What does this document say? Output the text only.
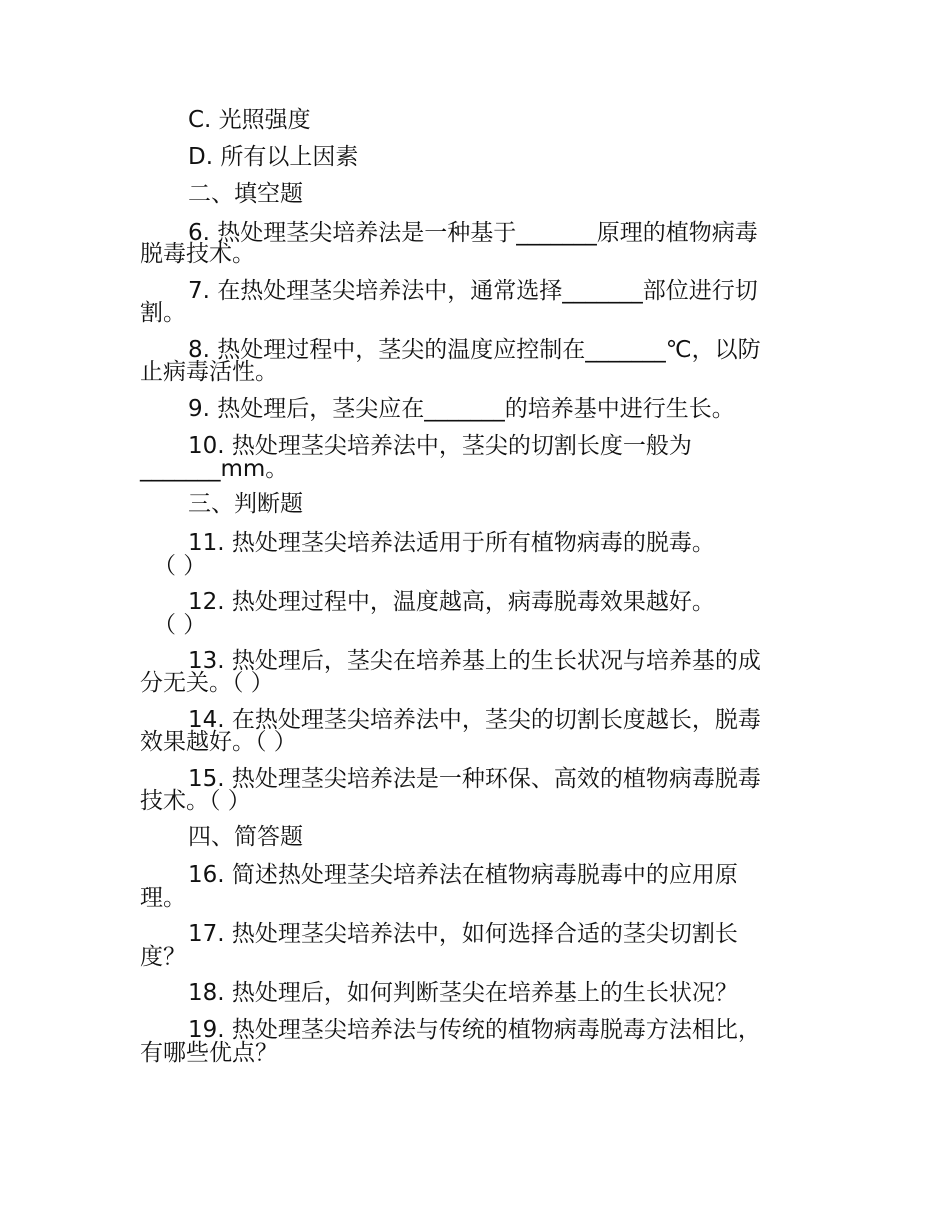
C. 光照强度
D. 所有以上因素
二、填空题
6. 热处理茎尖培养法是一种基于_______原理的植物病毒
脱毒技术。
7. 在热处理茎尖培养法中，通常选择_______部位进行切
割。
8. 热处理过程中，茎尖的温度应控制在_______℃，以防
止病毒活性。
9. 热处理后，茎尖应在_______的培养基中进行生长。
10. 热处理茎尖培养法中，茎尖的切割长度一般为
_______mm。
三、判断题
11. 热处理茎尖培养法适用于所有植物病毒的脱毒。
（ ）
12. 热处理过程中，温度越高，病毒脱毒效果越好。
（ ）
13. 热处理后，茎尖在培养基上的生长状况与培养基的成
分无关。（ ）
14. 在热处理茎尖培养法中，茎尖的切割长度越长，脱毒
效果越好。（ ）
15. 热处理茎尖培养法是一种环保、高效的植物病毒脱毒
技术。（ ）
四、简答题
16. 简述热处理茎尖培养法在植物病毒脱毒中的应用原
理。
17. 热处理茎尖培养法中，如何选择合适的茎尖切割长
度？
18. 热处理后，如何判断茎尖在培养基上的生长状况？
19. 热处理茎尖培养法与传统的植物病毒脱毒方法相比，
有哪些优点？
